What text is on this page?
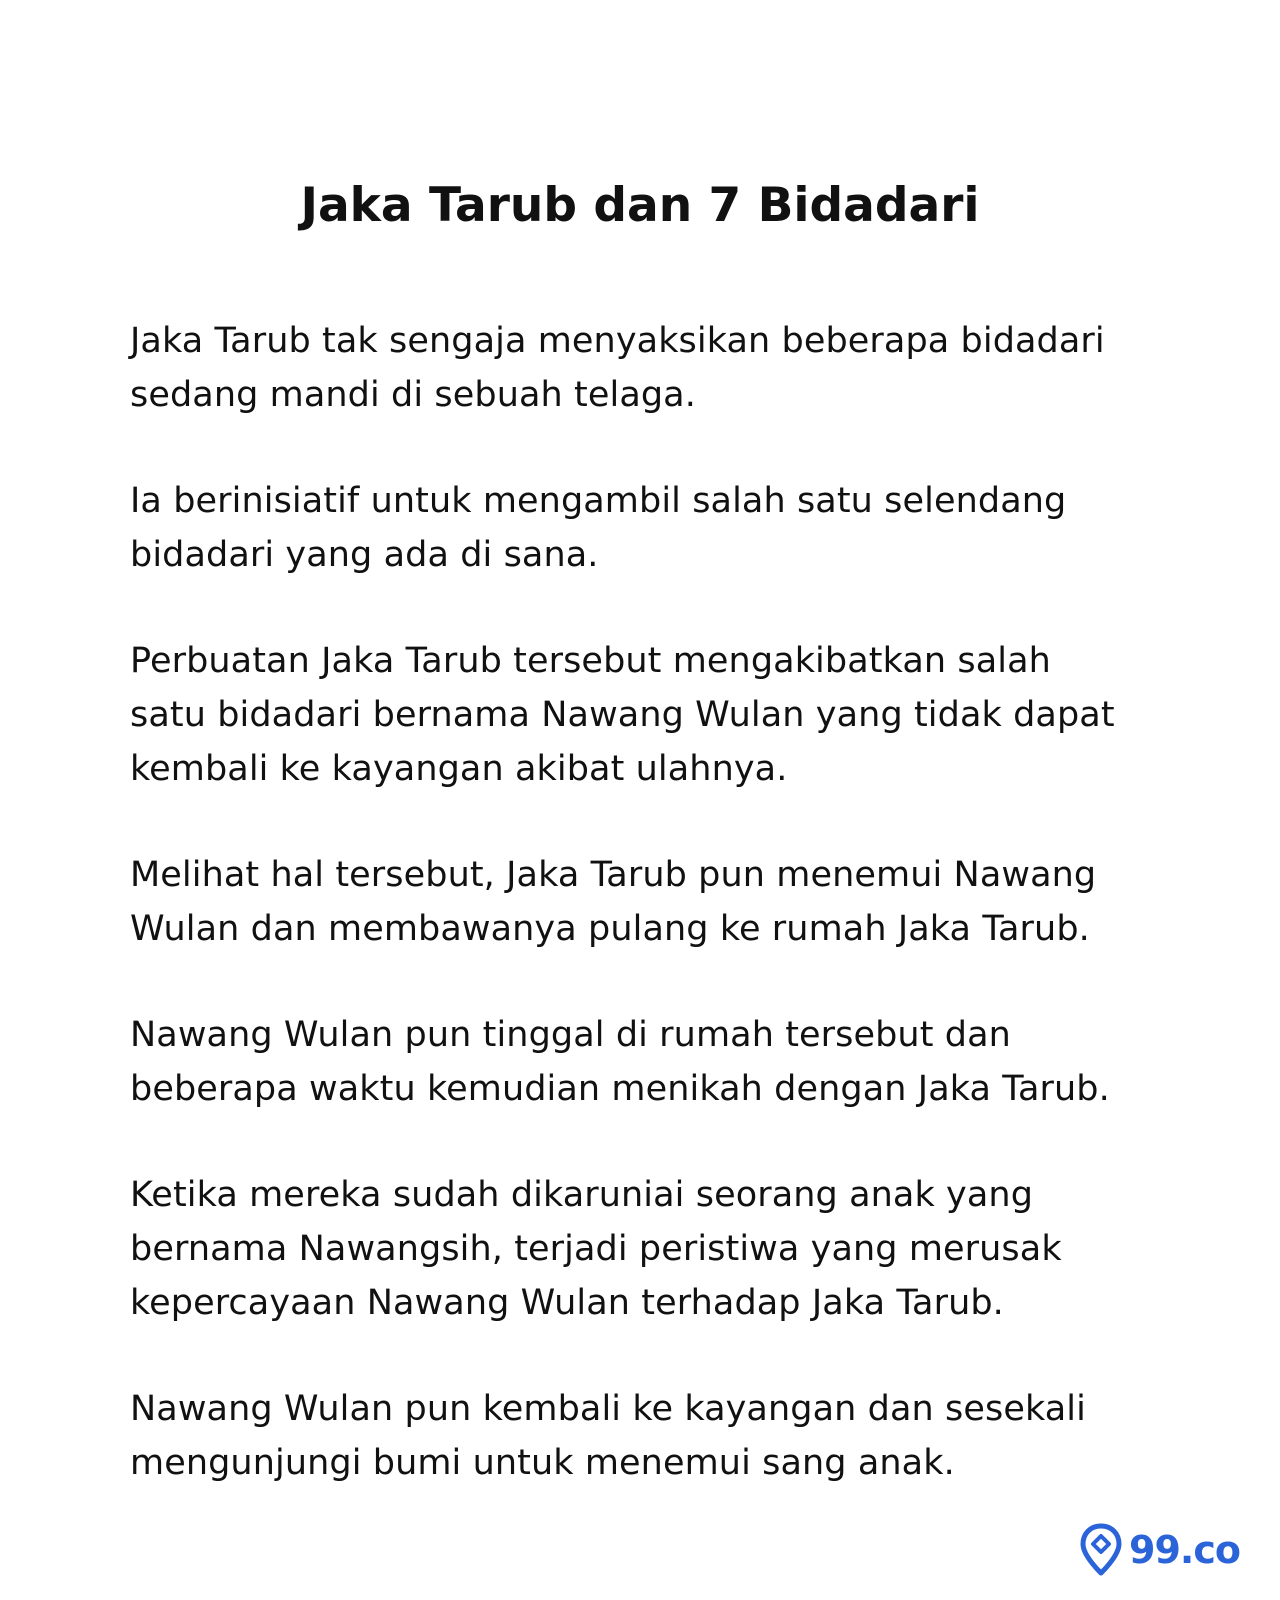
Jaka Tarub dan 7 Bidadari

Jaka Tarub tak sengaja menyaksikan beberapa bidadari
sedang mandi di sebuah telaga.

Ia berinisiatif untuk mengambil salah satu selendang
bidadari yang ada di sana.

Perbuatan Jaka Tarub tersebut mengakibatkan salah
satu bidadari bernama Nawang Wulan yang tidak dapat
kembali ke kayangan akibat ulahnya.

Melihat hal tersebut, Jaka Tarub pun menemui Nawang
Wulan dan membawanya pulang ke rumah Jaka Tarub.

Nawang Wulan pun tinggal di rumah tersebut dan
beberapa waktu kemudian menikah dengan Jaka Tarub.

Ketika mereka sudah dikaruniai seorang anak yang
bernama Nawangsih, terjadi peristiwa yang merusak
kepercayaan Nawang Wulan terhadap Jaka Tarub.

Nawang Wulan pun kembali ke kayangan dan sesekali
mengunjungi bumi untuk menemui sang anak.

99.co
